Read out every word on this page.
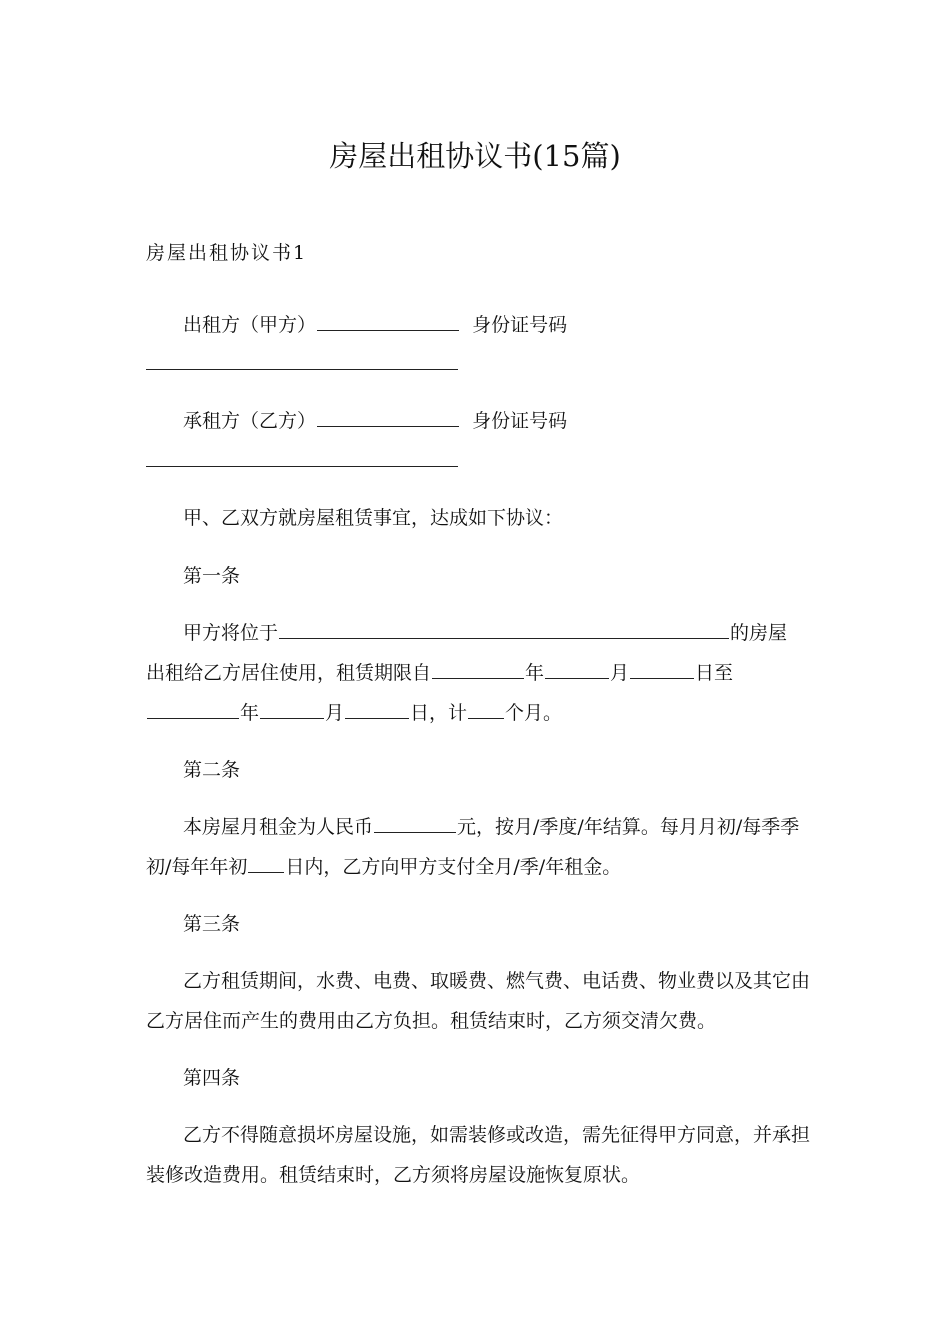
房屋出租协议书(15篇)
房屋出租协议书1
出租方（甲方）	身份证号码
承租方（乙方）	身份证号码
甲、乙双方就房屋租赁事宜，达成如下协议：
第一条
甲方将位于	的房屋
出租给乙方居住使用，租赁期限自	年	月	日至
年	月	日，计 个月。
第二条
本房屋月租金为人民币	元，按月/季度/年结算。每月月初/每季季
初/每年年初 日内，乙方向甲方支付全月/季/年租金。
第三条
乙方租赁期间，水费、电费、取暖费、燃气费、电话费、物业费以及其它由
乙方居住而产生的费用由乙方负担。租赁结束时，乙方须交清欠费。
第四条
乙方不得随意损坏房屋设施，如需装修或改造，需先征得甲方同意，并承担
装修改造费用。租赁结束时，乙方须将房屋设施恢复原状。
